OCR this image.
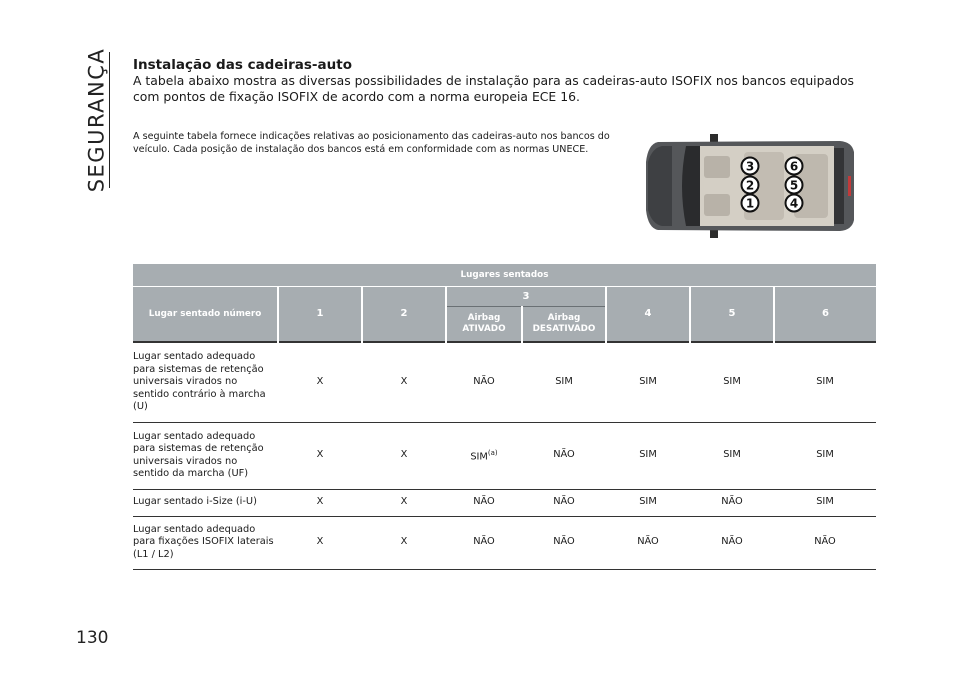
SEGURANÇA
130
Instalação das cadeiras-auto

A tabela abaixo mostra as diversas possibilidades de instalação para as cadeiras-auto ISOFIX nos bancos equipados com pontos de fixação ISOFIX de acordo com a norma europeia ECE 16.

A seguinte tabela fornece indicações relativas ao posicionamento das cadeiras-auto nos bancos do veículo. Cada posição de instalação dos bancos está em conformidade com as normas UNECE.

3	6
2	5
1	4
Lugares sentados							
Lugar sentado número	1	2	3		4	5	6
			Airbag ATIVADO	Airbag DESATIVADO			
Lugar sentado adequado para sistemas de retenção universais virados no sentido contrário à marcha (U)	X	X	NÃO	SIM	SIM	SIM	SIM
Lugar sentado adequado para sistemas de retenção universais virados no sentido da marcha (UF)	X	X	SIM$^{(a)}$	NÃO	SIM	SIM	SIM
Lugar sentado i-Size (i-U)	X	X	NÃO	NÃO	SIM	NÃO	SIM
Lugar sentado adequado para fixações ISOFIX laterais (L1 / L2)	X	X	NÃO	NÃO	NÃO	NÃO	NÃO
